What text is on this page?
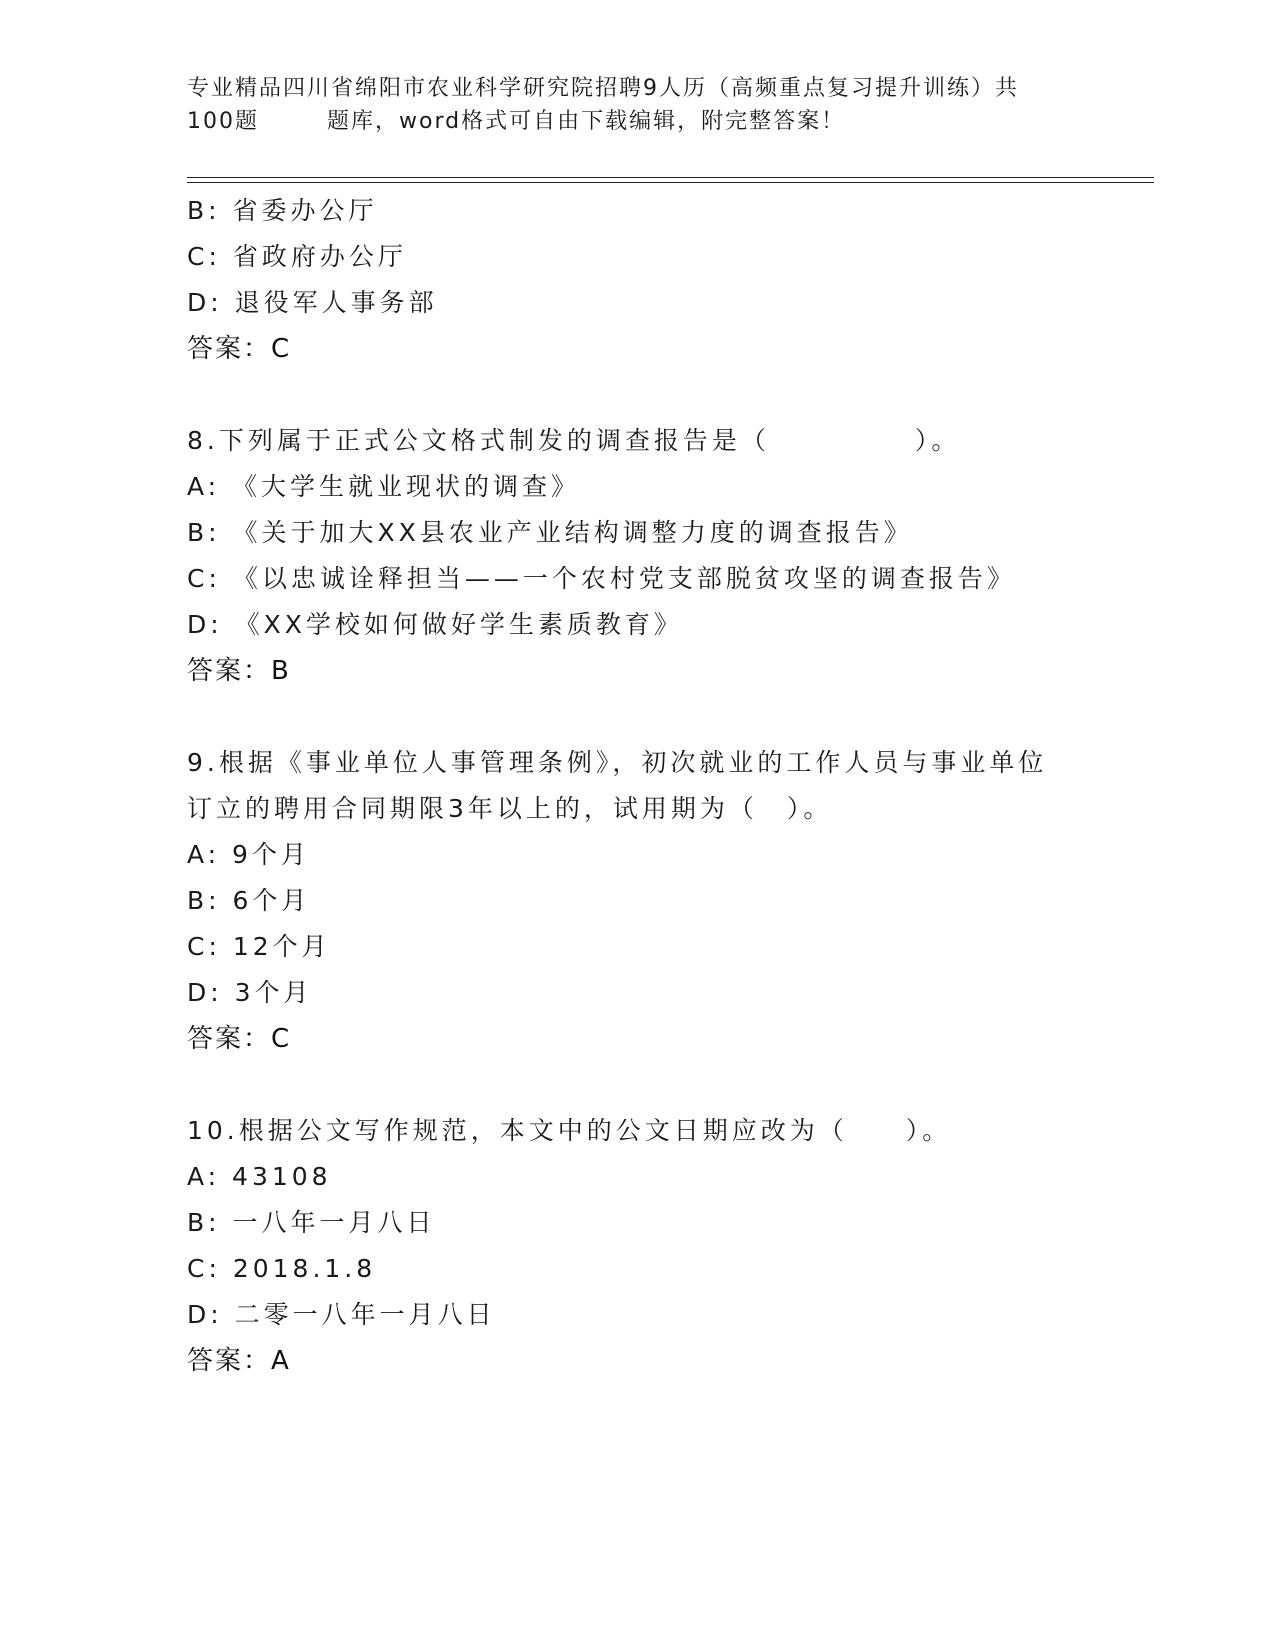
专业精品四川省绵阳市农业科学研究院招聘9人历（高频重点复习提升训练）共
100题	题库，word格式可自由下载编辑，附完整答案！
B: 省委办公厅
C: 省政府办公厅
D: 退役军人事务部
答案：C
8.下列属于正式公文格式制发的调查报告是（　　　　　）。
A: 《大学生就业现状的调查》
B: 《关于加大XX县农业产业结构调整力度的调查报告》
C: 《以忠诚诠释担当——一个农村党支部脱贫攻坚的调查报告》
D: 《XX学校如何做好学生素质教育》
答案：B
9.根据《事业单位人事管理条例》，初次就业的工作人员与事业单位
订立的聘用合同期限3年以上的，试用期为（　）。
A: 9个月
B: 6个月
C: 12个月
D: 3个月
答案：C
10.根据公文写作规范，本文中的公文日期应改为（　　）。
A: 43108
B: 一八年一月八日
C: 2018.1.8
D: 二零一八年一月八日
答案：A
